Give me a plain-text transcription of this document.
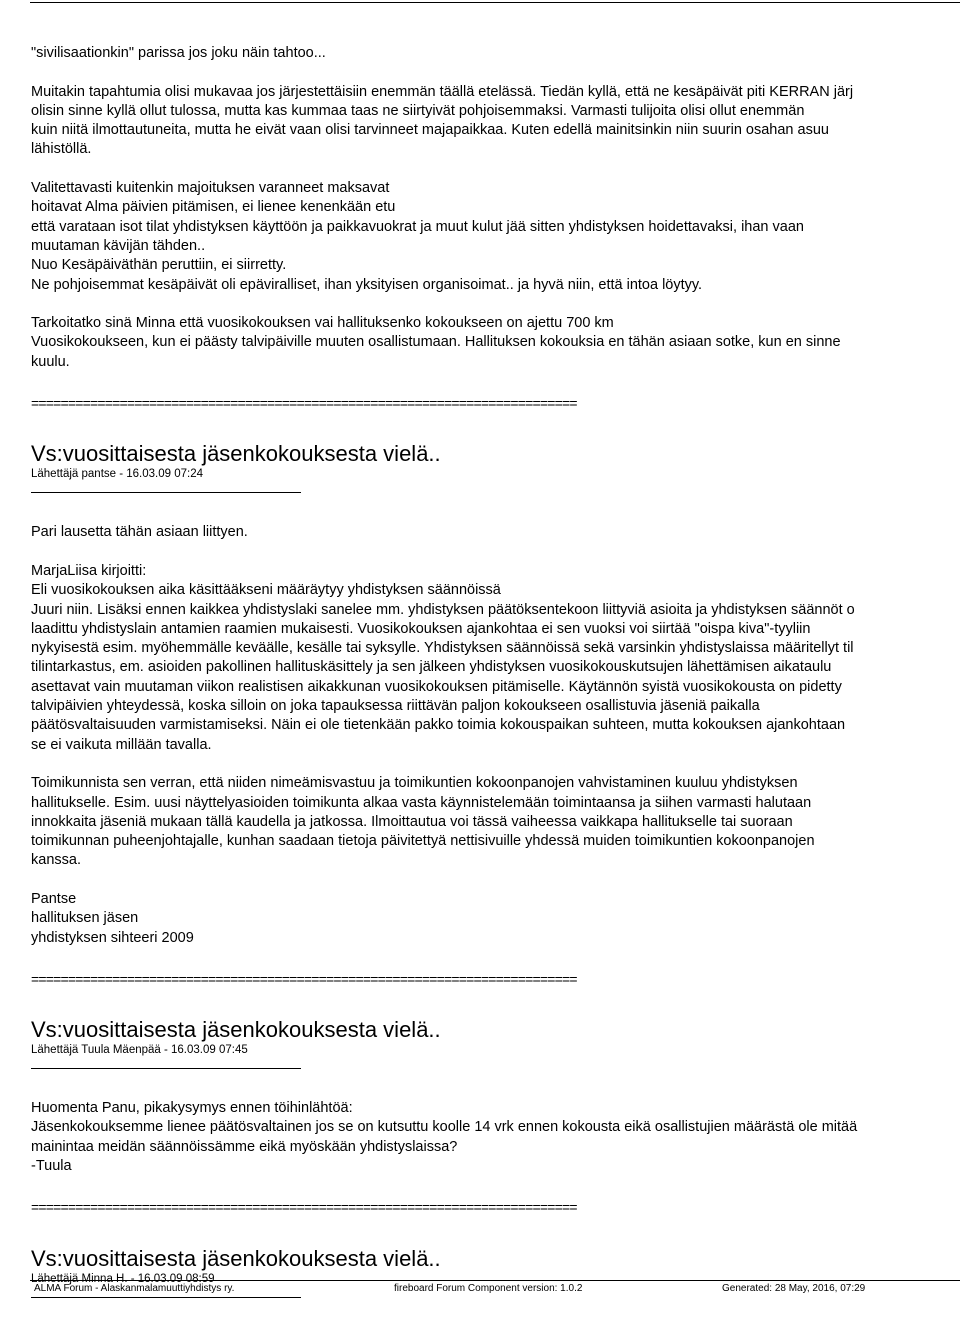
"sivilisaationkin" parissa jos joku näin tahtoo...
Muitakin tapahtumia olisi mukavaa jos järjestettäisiin enemmän täällä etelässä. Tiedän kyllä, että ne kesäpäivät piti KERRAN järj
olisin sinne kyllä ollut tulossa, mutta kas kummaa taas ne siirtyivät pohjoisemmaksi. Varmasti tulijoita olisi ollut enemmän
kuin niitä ilmottautuneita, mutta he eivät vaan olisi tarvinneet majapaikkaa. Kuten edellä mainitsinkin niin suurin osahan asuu
lähistöllä.
Valitettavasti kuitenkin majoituksen varanneet maksavat
hoitavat Alma päivien pitämisen, ei lienee kenenkään etu
että varataan isot tilat yhdistyksen käyttöön ja paikkavuokrat ja muut kulut jää sitten yhdistyksen hoidettavaksi, ihan vaan
muutaman kävijän tähden..
Nuo Kesäpäiväthän peruttiin, ei siirretty.
Ne pohjoisemmat kesäpäivät oli epäviralliset, ihan yksityisen organisoimat.. ja hyvä niin, että intoa löytyy.
Tarkoitatko sinä Minna että vuosikokouksen vai hallituksenko kokoukseen on ajettu 700 km
Vuosikokoukseen, kun ei päästy talvipäiville muuten osallistumaan. Hallituksen kokouksia en tähän asiaan sotke, kun en sinne
kuulu.
==========================================================================
Vs:vuosittaisesta jäsenkokouksesta vielä..
Lähettäjä pantse - 16.03.09 07:24
Pari lausetta tähän asiaan liittyen.
MarjaLiisa kirjoitti:
Eli vuosikokouksen aika käsittääkseni määräytyy yhdistyksen säännöissä
Juuri niin. Lisäksi ennen kaikkea yhdistyslaki sanelee mm. yhdistyksen päätöksentekoon liittyviä asioita ja yhdistyksen säännöt o
laadittu yhdistyslain antamien raamien mukaisesti. Vuosikokouksen ajankohtaa ei sen vuoksi voi siirtää "oispa kiva"-tyyliin
nykyisestä esim. myöhemmälle keväälle, kesälle tai syksylle. Yhdistyksen säännöissä sekä varsinkin yhdistyslaissa määritellyt til
tilintarkastus, em. asioiden pakollinen hallituskäsittely ja sen jälkeen yhdistyksen vuosikokouskutsujen lähettämisen aikataulu
asettavat vain muutaman viikon realistisen aikakkunan vuosikokouksen pitämiselle. Käytännön syistä vuosikokousta on pidetty
talvipäivien yhteydessä, koska silloin on joka tapauksessa riittävän paljon kokoukseen osallistuvia jäseniä paikalla
päätösvaltaisuuden varmistamiseksi. Näin ei ole tietenkään pakko toimia kokouspaikan suhteen, mutta kokouksen ajankohtaan
se ei vaikuta millään tavalla.
Toimikunnista sen verran, että niiden nimeämisvastuu ja toimikuntien kokoonpanojen vahvistaminen kuuluu yhdistyksen
hallitukselle. Esim. uusi näyttelyasioiden toimikunta alkaa vasta käynnistelemään toimintaansa ja siihen varmasti halutaan
innokkaita jäseniä mukaan tällä kaudella ja jatkossa. Ilmoittautua voi tässä vaiheessa vaikkapa hallitukselle tai suoraan
toimikunnan puheenjohtajalle, kunhan saadaan tietoja päivitettyä nettisivuille yhdessä muiden toimikuntien kokoonpanojen
kanssa.
Pantse
hallituksen jäsen
yhdistyksen sihteeri 2009
==========================================================================
Vs:vuosittaisesta jäsenkokouksesta vielä..
Lähettäjä Tuula Mäenpää - 16.03.09 07:45
Huomenta Panu, pikakysymys ennen töihinlähtöä:
Jäsenkokouksemme lienee päätösvaltainen jos se on kutsuttu koolle 14 vrk ennen kokousta eikä osallistujien määrästä ole mitää
mainintaa meidän säännöissämme eikä myöskään yhdistyslaissa?
-Tuula
==========================================================================
Vs:vuosittaisesta jäsenkokouksesta vielä..
Lähettäjä Minna H. - 16.03.09 08:59
ALMA Forum - Alaskanmalamuuttiyhdistys ry.	fireboard Forum Component version: 1.0.2	Generated: 28 May, 2016, 07:29
